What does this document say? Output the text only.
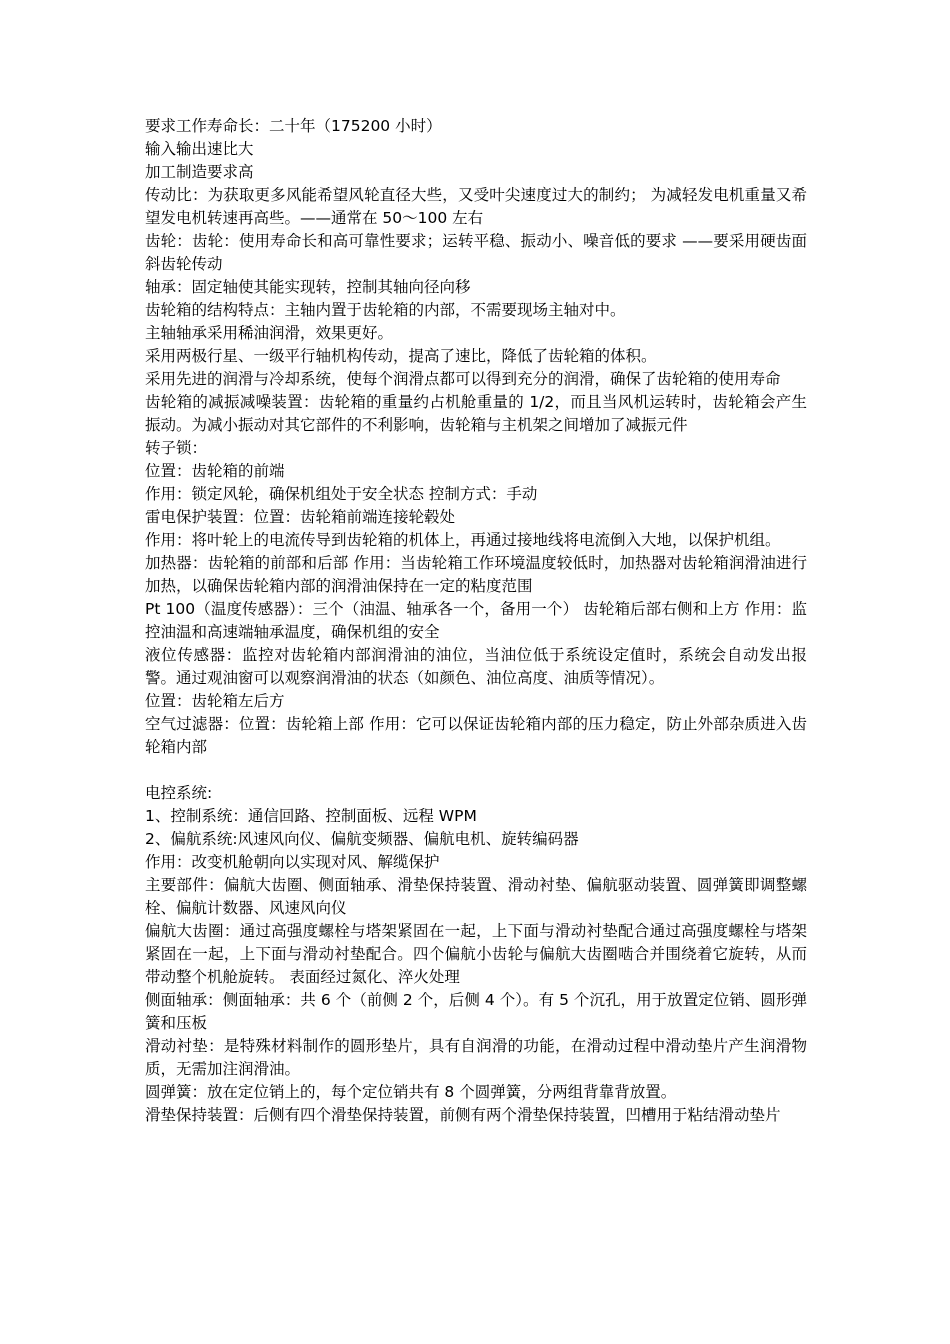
要求工作寿命长：二十年（175200 小时）

输入输出速比大

加工制造要求高

传动比：为获取更多风能希望风轮直径大些，又受叶尖速度过大的制约； 为减轻发电机重量又希望发电机转速再高些。——通常在 50～100 左右

齿轮：齿轮：使用寿命长和高可靠性要求；运转平稳、振动小、噪音低的要求 ——要采用硬齿面斜齿轮传动

轴承：固定轴使其能实现转，控制其轴向径向移

齿轮箱的结构特点：主轴内置于齿轮箱的内部，不需要现场主轴对中。

主轴轴承采用稀油润滑，效果更好。

采用两极行星、一级平行轴机构传动，提高了速比，降低了齿轮箱的体积。

采用先进的润滑与冷却系统，使每个润滑点都可以得到充分的润滑，确保了齿轮箱的使用寿命

齿轮箱的减振减噪装置：齿轮箱的重量约占机舱重量的 1/2，而且当风机运转时，齿轮箱会产生振动。为减小振动对其它部件的不利影响，齿轮箱与主机架之间增加了减振元件

转子锁：

位置：齿轮箱的前端

作用：锁定风轮，确保机组处于安全状态 控制方式：手动

雷电保护装置：位置：齿轮箱前端连接轮毂处

作用：将叶轮上的电流传导到齿轮箱的机体上，再通过接地线将电流倒入大地，以保护机组。

加热器：齿轮箱的前部和后部 作用：当齿轮箱工作环境温度较低时，加热器对齿轮箱润滑油进行加热，以确保齿轮箱内部的润滑油保持在一定的粘度范围

Pt 100（温度传感器）：三个（油温、轴承各一个，备用一个） 齿轮箱后部右侧和上方 作用：监控油温和高速端轴承温度，确保机组的安全

液位传感器：监控对齿轮箱内部润滑油的油位，当油位低于系统设定值时，系统会自动发出报警。通过观油窗可以观察润滑油的状态（如颜色、油位高度、油质等情况）。

位置：齿轮箱左后方

空气过滤器：位置：齿轮箱上部 作用：它可以保证齿轮箱内部的压力稳定，防止外部杂质进入齿轮箱内部

电控系统:

1、控制系统：通信回路、控制面板、远程 WPM

2、偏航系统:风速风向仪、偏航变频器、偏航电机、旋转编码器

作用：改变机舱朝向以实现对风、解缆保护

主要部件：偏航大齿圈、侧面轴承、滑垫保持装置、滑动衬垫、偏航驱动装置、圆弹簧即调整螺栓、偏航计数器、风速风向仪

偏航大齿圈：通过高强度螺栓与塔架紧固在一起，上下面与滑动衬垫配合通过高强度螺栓与塔架紧固在一起，上下面与滑动衬垫配合。四个偏航小齿轮与偏航大齿圈啮合并围绕着它旋转，从而带动整个机舱旋转。 表面经过氮化、淬火处理

侧面轴承：侧面轴承：共 6 个（前侧 2 个，后侧 4 个）。有 5 个沉孔，用于放置定位销、圆形弹簧和压板

滑动衬垫：是特殊材料制作的圆形垫片，具有自润滑的功能，在滑动过程中滑动垫片产生润滑物质，无需加注润滑油。

圆弹簧：放在定位销上的，每个定位销共有 8 个圆弹簧，分两组背靠背放置。

滑垫保持装置：后侧有四个滑垫保持装置，前侧有两个滑垫保持装置，凹槽用于粘结滑动垫片
